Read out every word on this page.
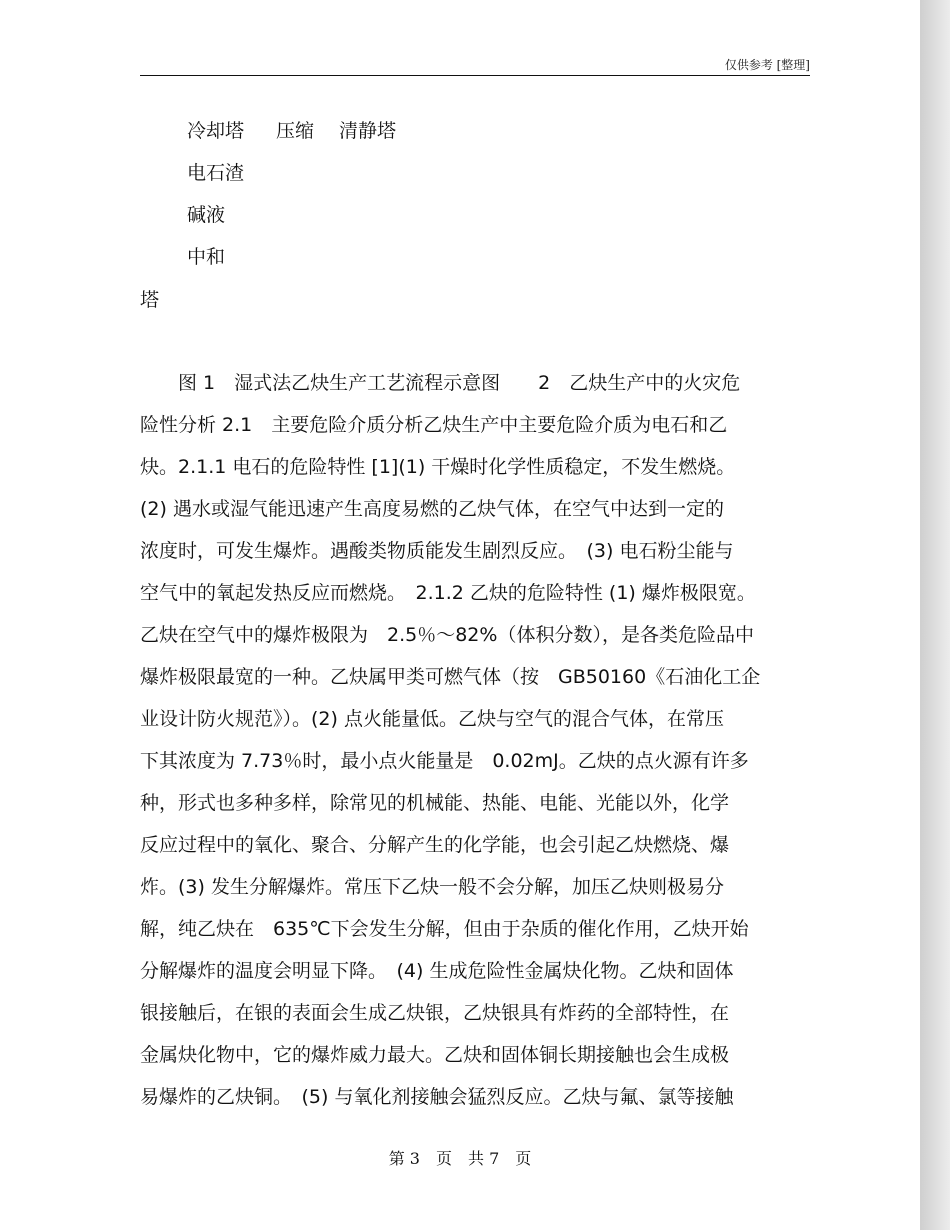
仅供参考 [整理]
冷却塔 压缩 清静塔
电石渣
碱液
中和
塔
　　图 1　湿式法乙炔生产工艺流程示意图　　2　乙炔生产中的火灾危
险性分析 2.1　主要危险介质分析乙炔生产中主要危险介质为电石和乙
炔。2.1.1 电石的危险特性 [1](1) 干燥时化学性质稳定，不发生燃烧。
(2) 遇水或湿气能迅速产生高度易燃的乙炔气体，在空气中达到一定的
浓度时，可发生爆炸。遇酸类物质能发生剧烈反应。　(3) 电石粉尘能与
空气中的氧起发热反应而燃烧。　2.1.2 乙炔的危险特性 (1) 爆炸极限宽。
乙炔在空气中的爆炸极限为　2.5％～82%（体积分数），是各类危险品中
爆炸极限最宽的一种。乙炔属甲类可燃气体（按　GB50160《石油化工企
业设计防火规范》）。(2) 点火能量低。乙炔与空气的混合气体，在常压
下其浓度为 7.73％时，最小点火能量是　0.02mJ。乙炔的点火源有许多
种，形式也多种多样，除常见的机械能、热能、电能、光能以外，化学
反应过程中的氧化、聚合、分解产生的化学能，也会引起乙炔燃烧、爆
炸。(3) 发生分解爆炸。常压下乙炔一般不会分解，加压乙炔则极易分
解，纯乙炔在　635℃下会发生分解，但由于杂质的催化作用，乙炔开始
分解爆炸的温度会明显下降。　(4) 生成危险性金属炔化物。乙炔和固体
银接触后，在银的表面会生成乙炔银，乙炔银具有炸药的全部特性，在
金属炔化物中，它的爆炸威力最大。乙炔和固体铜长期接触也会生成极
易爆炸的乙炔铜。　(5) 与氧化剂接触会猛烈反应。乙炔与氟、氯等接触
第 3　页　共 7　页
